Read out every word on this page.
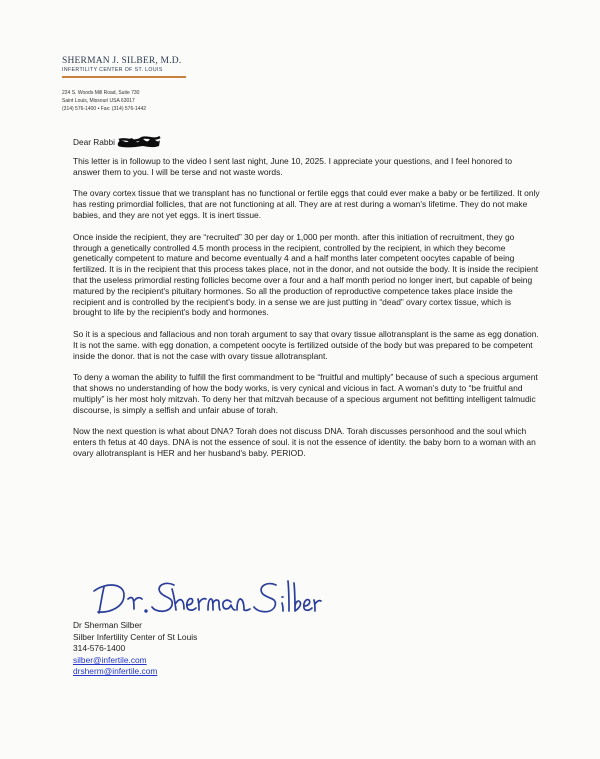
SHERMAN J. SILBER, M.D.
INFERTILITY CENTER OF ST. LOUIS
224 S. Woods Mill Road, Suite 730
Saint Louis, Missouri USA 63017
(314) 576-1400 • Fax: (314) 576-1442
Dear Rabbi

This letter is in followup to the video I sent last night, June 10, 2025. I appreciate your questions, and I feel honored to answer them to you. I will be terse and not waste words.

The ovary cortex tissue that we transplant has no functional or fertile eggs that could ever make a baby or be fertilized. It only has resting primordial follicles, that are not functioning at all. They are at rest during a woman's lifetime. They do not make babies, and they are not yet eggs. It is inert tissue.

Once inside the recipient, they are “recruited” 30 per day or 1,000 per month. after this initiation of recruitment, they go through a genetically controlled 4.5 month process in the recipient, controlled by the recipient, in which they become genetically competent to mature and become eventually 4 and a half months later competent oocytes capable of being fertilized. It is in the recipient that this process takes place, not in the donor, and not outside the body. It is inside the recipient that the useless primordial resting follicles become over a four and a half month period no longer inert, but capable of being matured by the recipient's pituitary hormones. So all the production of reproductive competence takes place inside the recipient and is controlled by the recipient's body. in a sense we are just putting in “dead” ovary cortex tissue, which is brought to life by the recipient's body and hormones.

So it is a specious and fallacious and non torah argument to say that ovary tissue allotransplant is the same as egg donation. It is not the same. with egg donation, a competent oocyte is fertilized outside of the body but was prepared to be competent inside the donor. that is not the case with ovary tissue allotransplant.

To deny a woman the ability to fulfill the first commandment to be “fruitful and multiply” because of such a specious argument that shows no understanding of how the body works, is very cynical and vicious in fact. A woman's duty to “be fruitful and multiply” is her most holy mitzvah. To deny her that mitzvah because of a specious argument not befitting intelligent talmudic discourse, is simply a selfish and unfair abuse of torah.

Now the next question is what about DNA? Torah does not discuss DNA. Torah discusses personhood and the soul which enters th fetus at 40 days. DNA is not the essence of soul. it is not the essence of identity. the baby born to a woman with an ovary allotransplant is HER and her husband's baby. PERIOD.

Dr Sherman Silber
Silber Infertility Center of St Louis
314-576-1400
silber@infertile.com
drsherm@infertile.com
